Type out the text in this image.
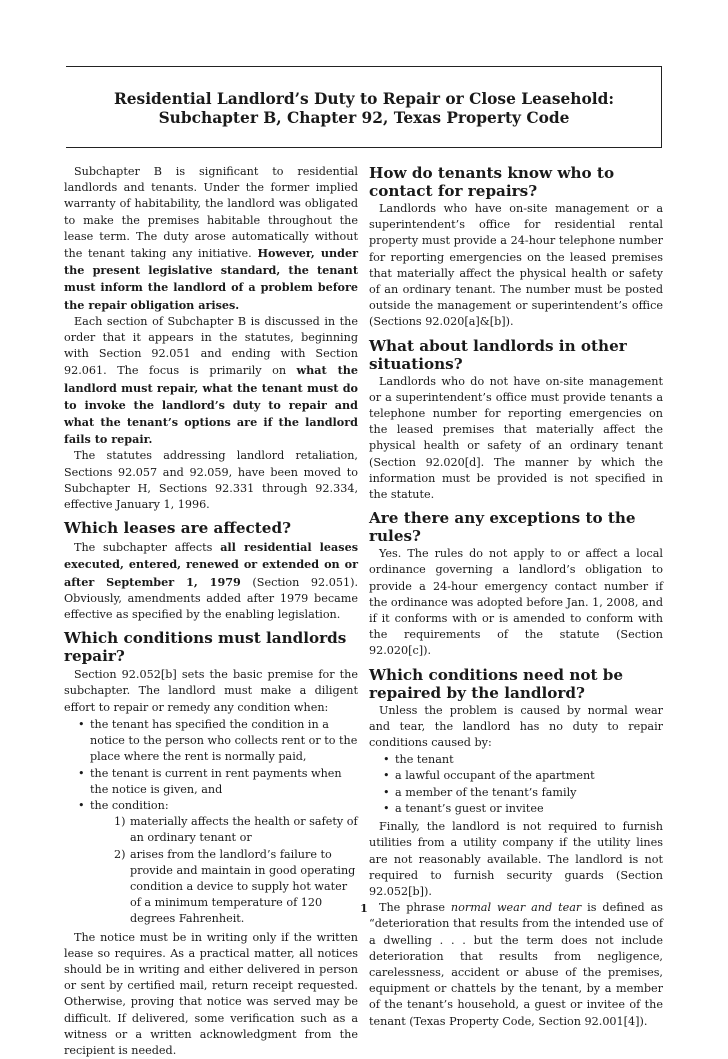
Residential Landlord’s Duty to Repair or Close Leasehold:
Subchapter B, Chapter 92, Texas Property Code

Subchapter B is significant to residential landlords and tenants. Under the former implied warranty of habitability, the landlord was obligated to make the premises habitable throughout the lease term. The duty arose automatically without the tenant taking any initiative. However, under the present legislative standard, the tenant must inform the landlord of a problem before the repair obligation arises.

Each section of Subchapter B is discussed in the order that it appears in the statutes, beginning with Section 92.051 and ending with Section 92.061. The focus is primarily on what the landlord must repair, what the tenant must do to invoke the landlord’s duty to repair and what the tenant’s options are if the landlord fails to repair.

The statutes addressing landlord retaliation, Sections 92.057 and 92.059, have been moved to Subchapter H, Sections 92.331 through 92.334, effective January 1, 1996.

Which leases are affected?

The subchapter affects all residential leases executed, entered, renewed or extended on or after September 1, 1979 (Section 92.051). Obviously, amendments added after 1979 became effective as specified by the enabling legislation.

Which conditions must landlords repair?

Section 92.052[b] sets the basic premise for the subchapter. The landlord must make a diligent effort to repair or remedy any condition when:

• the tenant has specified the condition in a notice to the person who collects rent or to the place where the rent is normally paid,
• the tenant is current in rent payments when the notice is given, and
• the condition:
1) materially affects the health or safety of an ordinary tenant or
2) arises from the landlord’s failure to provide and maintain in good operating condition a device to supply hot water of a minimum temperature of 120 degrees Fahrenheit.

The notice must be in writing only if the written lease so requires. As a practical matter, all notices should be in writing and either delivered in person or sent by certified mail, return receipt requested. Otherwise, proving that notice was served may be difficult. If delivered, some verification such as a witness or a written acknowledgment from the recipient is needed.

How do tenants know who to contact for repairs?

Landlords who have on-site management or a superintendent’s office for residential rental property must provide a 24-hour telephone number for reporting emergencies on the leased premises that materially affect the physical health or safety of an ordinary tenant. The number must be posted outside the management or superintendent’s office (Sections 92.020[a]&[b]).

What about landlords in other situations?

Landlords who do not have on-site management or a superintendent’s office must provide tenants a telephone number for reporting emergencies on the leased premises that materially affect the physical health or safety of an ordinary tenant (Section 92.020[d]. The manner by which the information must be provided is not specified in the statute.

Are there any exceptions to the rules?

Yes. The rules do not apply to or affect a local ordinance governing a landlord’s obligation to provide a 24-hour emergency contact number if the ordinance was adopted before Jan. 1, 2008, and if it conforms with or is amended to conform with the requirements of the statute (Section 92.020[c]).

Which conditions need not be repaired by the landlord?

Unless the problem is caused by normal wear and tear, the landlord has no duty to repair conditions caused by:

• the tenant
• a lawful occupant of the apartment
• a member of the tenant’s family
• a tenant’s guest or invitee

Finally, the landlord is not required to furnish utilities from a utility company if the utility lines are not reasonably available. The landlord is not required to furnish security guards (Section 92.052[b]).

The phrase normal wear and tear is defined as “deterioration that results from the intended use of a dwelling . . . but the term does not include deterioration that results from negligence, carelessness, accident or abuse of the premises, equipment or chattels by the tenant, by a member of the tenant’s household, a guest or invitee of the tenant (Texas Property Code, Section 92.001[4]).

1
